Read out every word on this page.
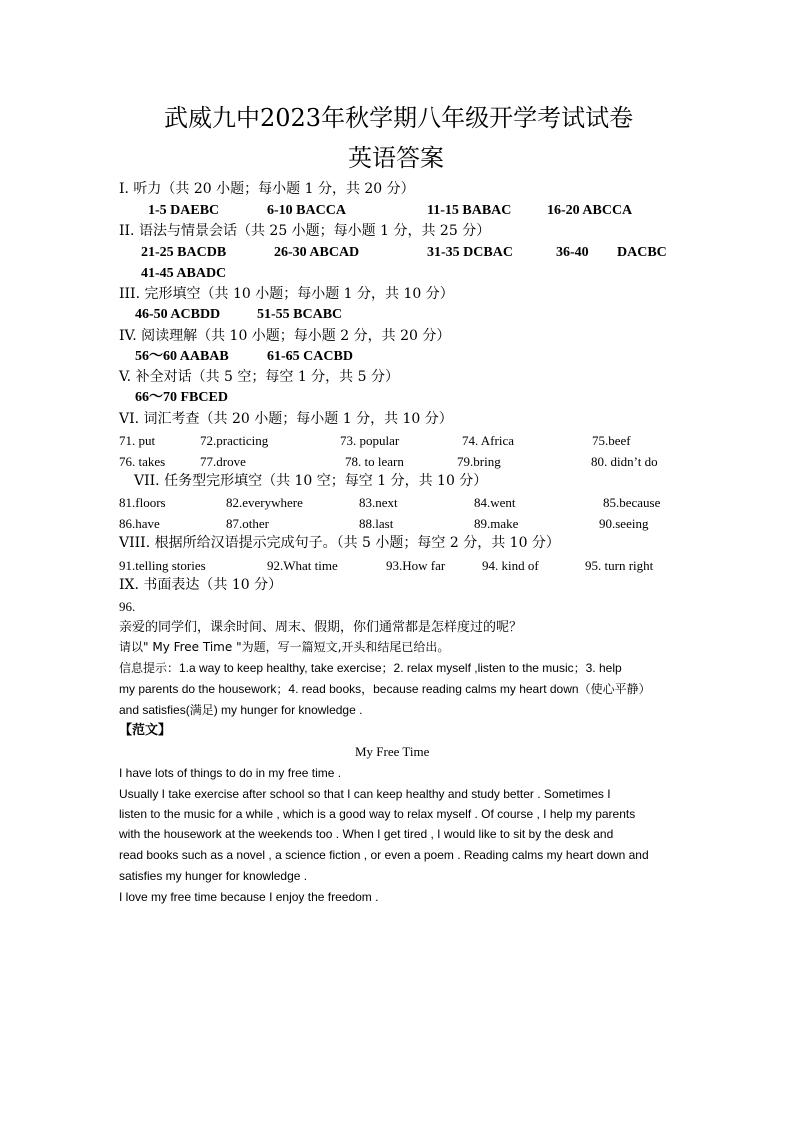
武威九中2023年秋学期八年级开学考试试卷
英语答案
I. 听力（共 20 小题；每小题 1 分，共 20 分）
1-5 DAEBC	6-10 BACCA	11-15 BABAC	16-20 ABCCA
II. 语法与情景会话（共 25 小题；每小题 1 分，共 25 分）
21-25 BACDB	26-30 ABCAD	31-35 DCBAC	36-40 DACBC
41-45 ABADC
III. 完形填空（共 10 小题；每小题 1 分，共 10 分）
46-50 ACBDD	51-55 BCABC
IV. 阅读理解（共 10 小题；每小题 2 分，共 20 分）
56～60 AABAB	61-65 CACBD
V. 补全对话（共 5 空；每空 1 分，共 5 分）
66～70 FBCED
VI. 词汇考查（共 20 小题；每小题 1 分，共 10 分）
71. put	72.practicing	73. popular	74. Africa	75.beef
76. takes	77.drove	78. to learn	79.bring	80. didn’t do
VII. 任务型完形填空（共 10 空；每空 1 分，共 10 分）
81.floors	82.everywhere	83.next	84.went	85.because
86.have	87.other	88.last	89.make	90.seeing
VIII. 根据所给汉语提示完成句子。（共 5 小题；每空 2 分，共 10 分）
91.telling stories	92.What time	93.How far	94. kind of	95. turn right
IX. 书面表达（共 10 分）
96.
亲爱的同学们，课余时间、周末、假期，你们通常都是怎样度过的呢？
请以" My Free Time "为题，写一篇短文,开头和结尾已给出。
信息提示：1.a way to keep healthy, take exercise；2. relax myself ,listen to the music；3. help
my parents do the housework；4. read books，because reading calms my heart down（使心平静）
and satisfies(满足) my hunger for knowledge .
【范文】
My Free Time
I have lots of things to do in my free time .
Usually I take exercise after school so that I can keep healthy and study better . Sometimes I
listen to the music for a while , which is a good way to relax myself . Of course , I help my parents
with the housework at the weekends too . When I get tired , I would like to sit by the desk and
read books such as a novel , a science fiction , or even a poem . Reading calms my heart down and
satisfies my hunger for knowledge .
I love my free time because I enjoy the freedom .
